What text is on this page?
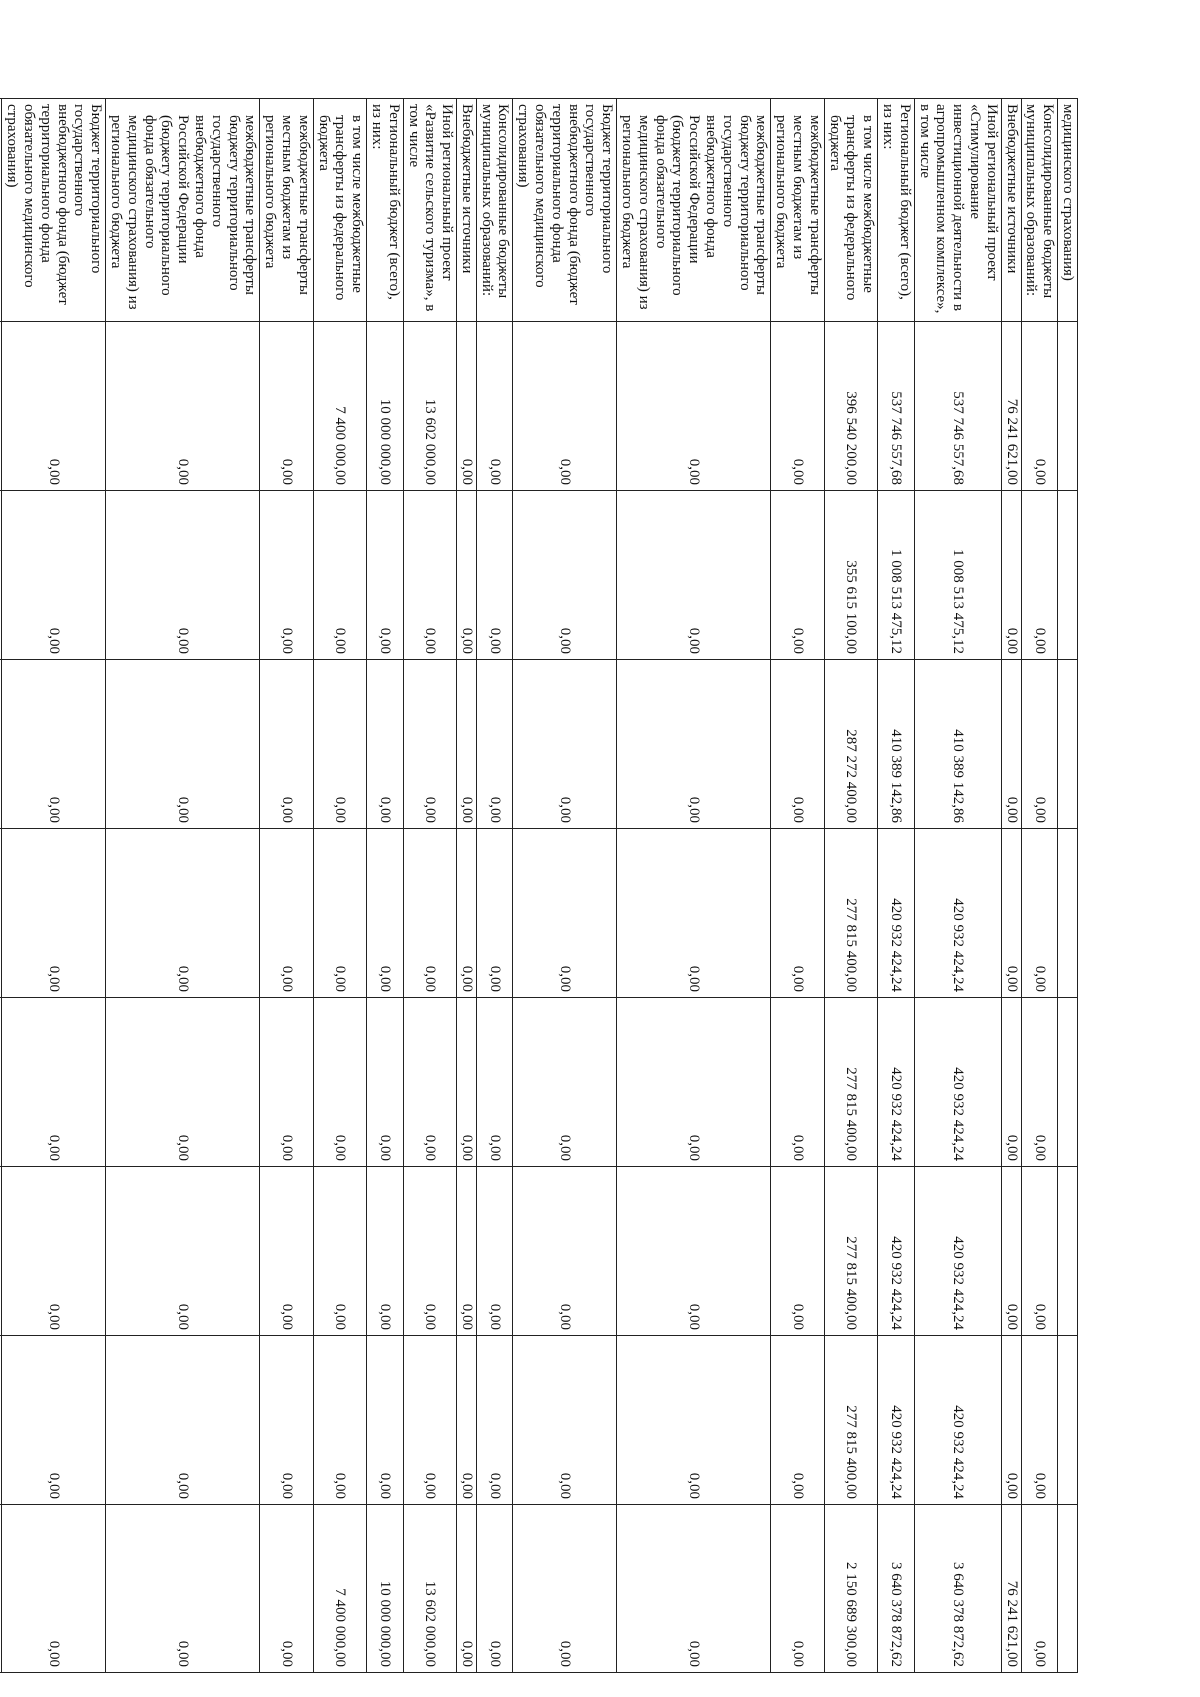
медицинского страхования)								
Консолидированные бюджеты муниципальных образований:	0,00	0,00	0,00	0,00	0,00	0,00	0,00	0,00
Внебюджетные источники	76 241 621,00	0,00	0,00	0,00	0,00	0,00	0,00	76 241 621,00
Иной региональный проект «Стимулирование инвестиционной деятельности в агропромышленном комплексе», в том числе	537 746 557,68	1 008 513 475,12	410 389 142,86	420 932 424,24	420 932 424,24	420 932 424,24	420 932 424,24	3 640 378 872,62
Региональный бюджет (всего), из них:	537 746 557,68	1 008 513 475,12	410 389 142,86	420 932 424,24	420 932 424,24	420 932 424,24	420 932 424,24	3 640 378 872,62
в том числе межбюджетные трансферты из федерального бюджета	396 540 200,00	355 615 100,00	287 272 400,00	277 815 400,00	277 815 400,00	277 815 400,00	277 815 400,00	2 150 689 300,00
межбюджетные трансферты местным бюджетам из регионального бюджета	0,00	0,00	0,00	0,00	0,00	0,00	0,00	0,00
межбюджетные трансферты бюджету территориального государственного внебюджетного фонда Российской Федерации (бюджету территориального фонда обязательного медицинского страхования) из регионального бюджета	0,00	0,00	0,00	0,00	0,00	0,00	0,00	0,00
Бюджет территориального государственного внебюджетного фонда (бюджет территориального фонда обязательного медицинского страхования)	0,00	0,00	0,00	0,00	0,00	0,00	0,00	0,00
Консолидированные бюджеты муниципальных образований:	0,00	0,00	0,00	0,00	0,00	0,00	0,00	0,00
Внебюджетные источники	0,00	0,00	0,00	0,00	0,00	0,00	0,00	0,00
Иной региональный проект «Развитие сельского туризма», в том числе	13 602 000,00	0,00	0,00	0,00	0,00	0,00	0,00	13 602 000,00
Региональный бюджет (всего), из них:	10 000 000,00	0,00	0,00	0,00	0,00	0,00	0,00	10 000 000,00
в том числе межбюджетные трансферты из федерального бюджета	7 400 000,00	0,00	0,00	0,00	0,00	0,00	0,00	7 400 000,00
межбюджетные трансферты местным бюджетам из регионального бюджета	0,00	0,00	0,00	0,00	0,00	0,00	0,00	0,00
межбюджетные трансферты бюджету территориального государственного внебюджетного фонда Российской Федерации (бюджету территориального фонда обязательного медицинского страхования) из регионального бюджета	0,00	0,00	0,00	0,00	0,00	0,00	0,00	0,00
Бюджет территориального государственного внебюджетного фонда (бюджет территориального фонда обязательного медицинского страхования)	0,00	0,00	0,00	0,00	0,00	0,00	0,00	0,00
